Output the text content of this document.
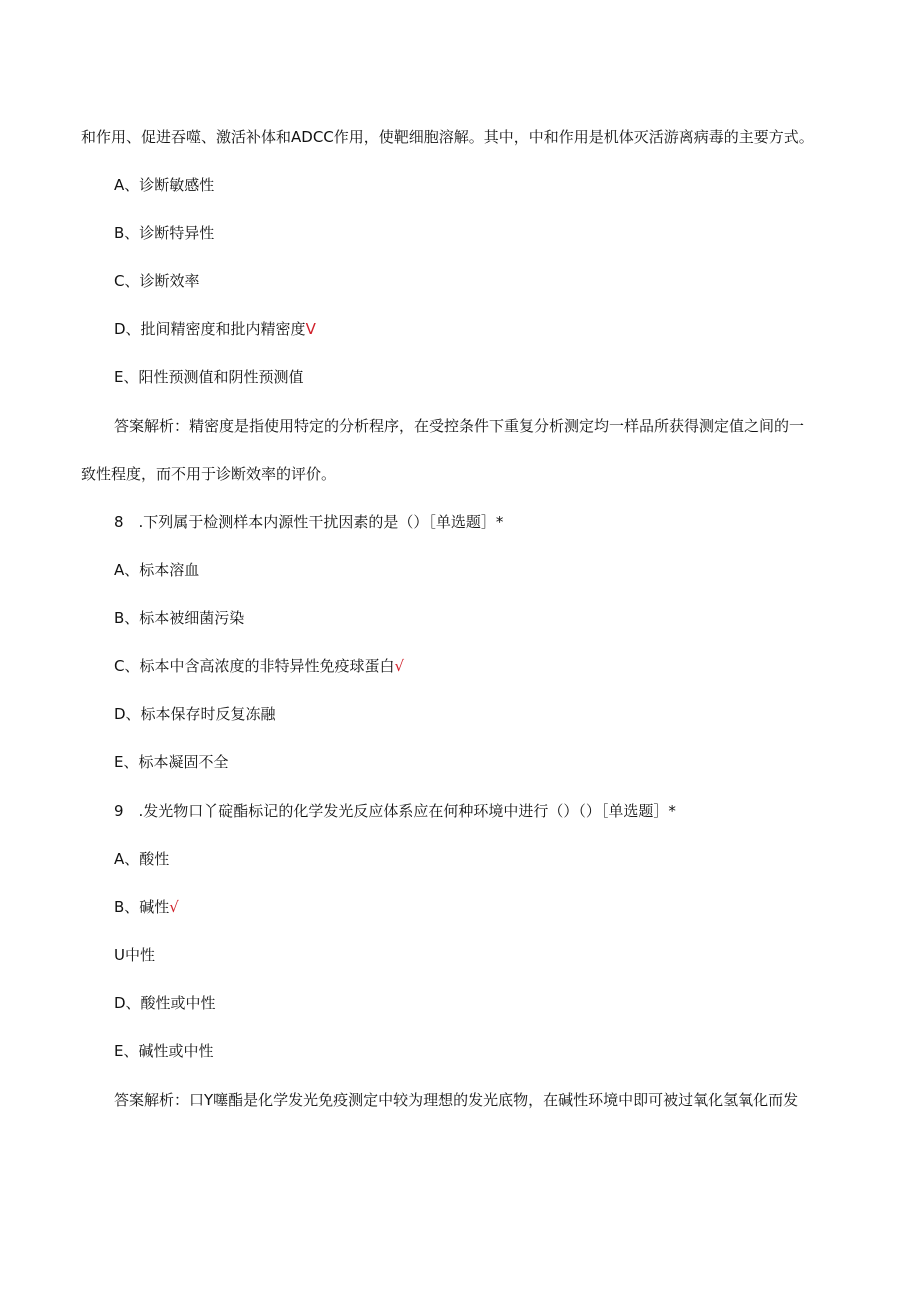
和作用、促进吞噬、激活补体和ADCC作用，使靶细胞溶解。其中，中和作用是机体灭活游离病毒的主要方式。
A、诊断敏感性
B、诊断特异性
C、诊断效率
D、批间精密度和批内精密度V
E、阳性预测值和阴性预测值
答案解析：精密度是指使用特定的分析程序，在受控条件下重复分析测定均一样品所获得测定值之间的一
致性程度，而不用于诊断效率的评价。
8　.下列属于检测样本内源性干扰因素的是（）［单选题］*
A、标本溶血
B、标本被细菌污染
C、标本中含高浓度的非特异性免疫球蛋白√
D、标本保存时反复冻融
E、标本凝固不全
9　.发光物口丫碇酯标记的化学发光反应体系应在何种环境中进行（）（）［单选题］*
A、酸性
B、碱性√
U中性
D、酸性或中性
E、碱性或中性
答案解析：口Y噻酯是化学发光免疫测定中较为理想的发光底物，在碱性环境中即可被过氧化氢氧化而发
